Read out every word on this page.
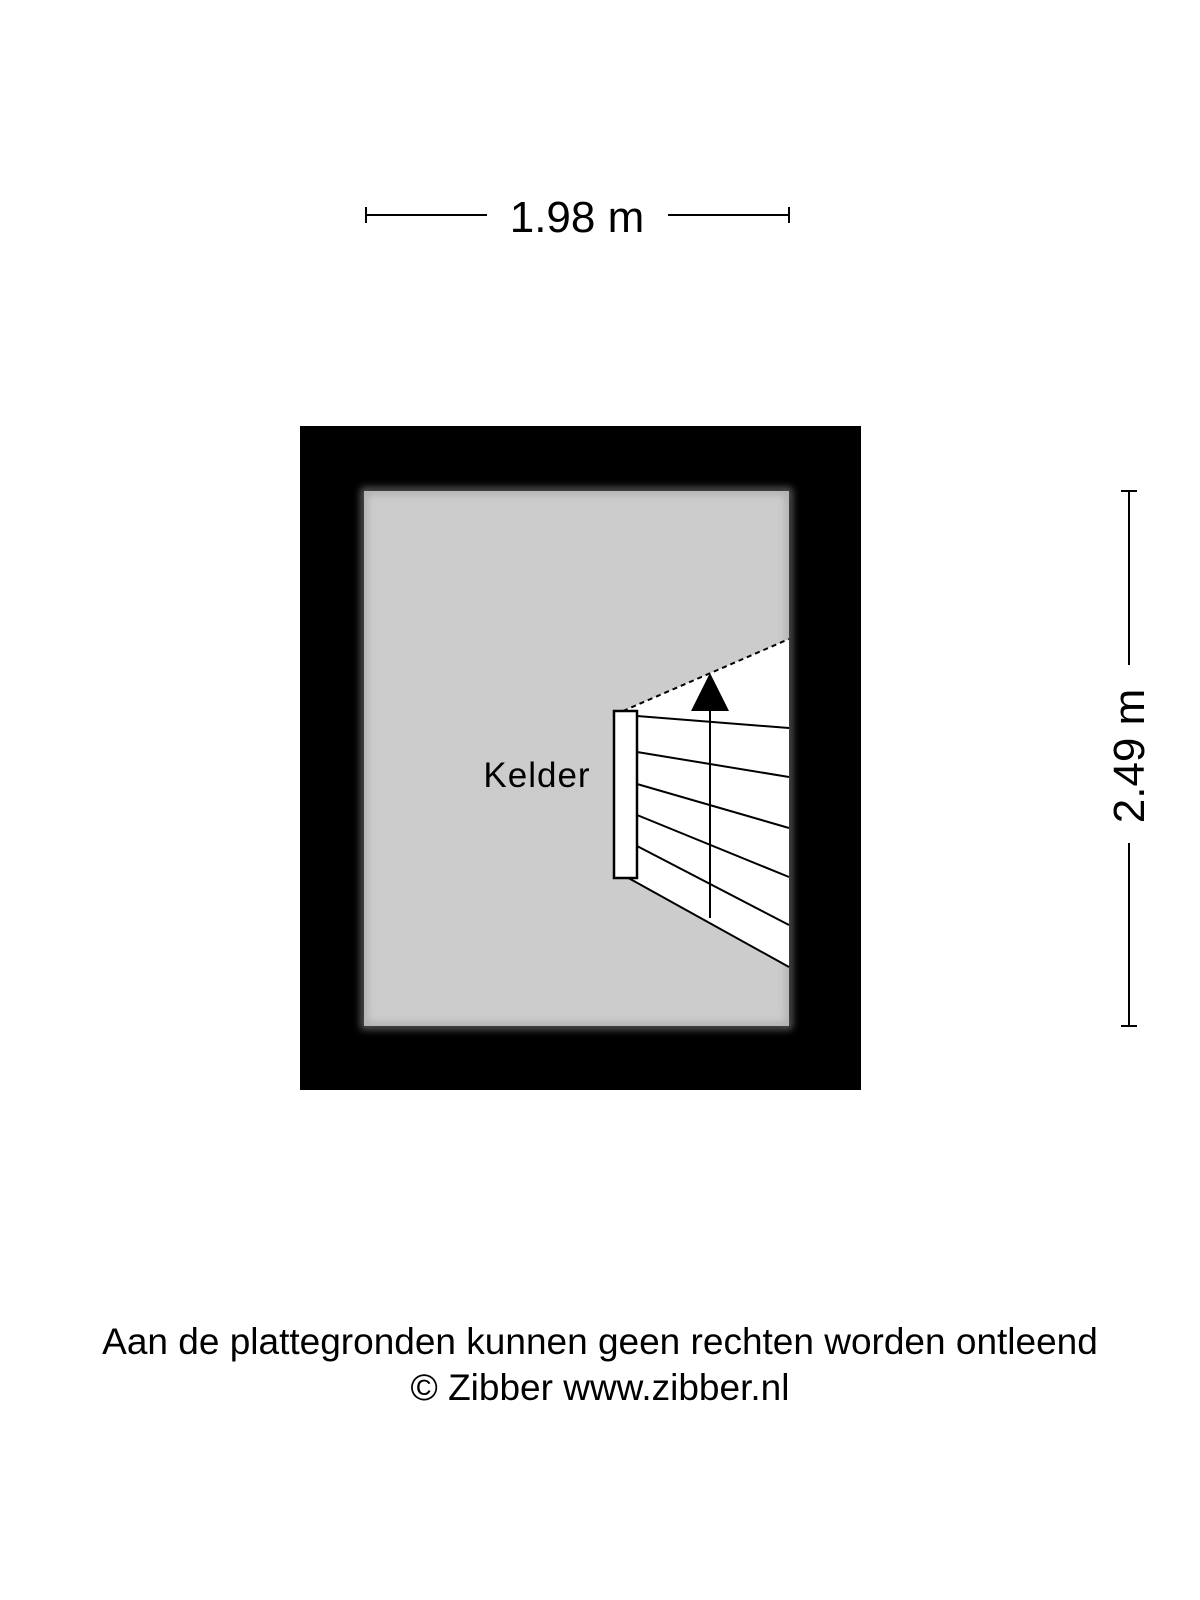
1.98 m
2.49 m
Kelder
Aan de plattegronden kunnen geen rechten worden ontleend
© Zibber www.zibber.nl
